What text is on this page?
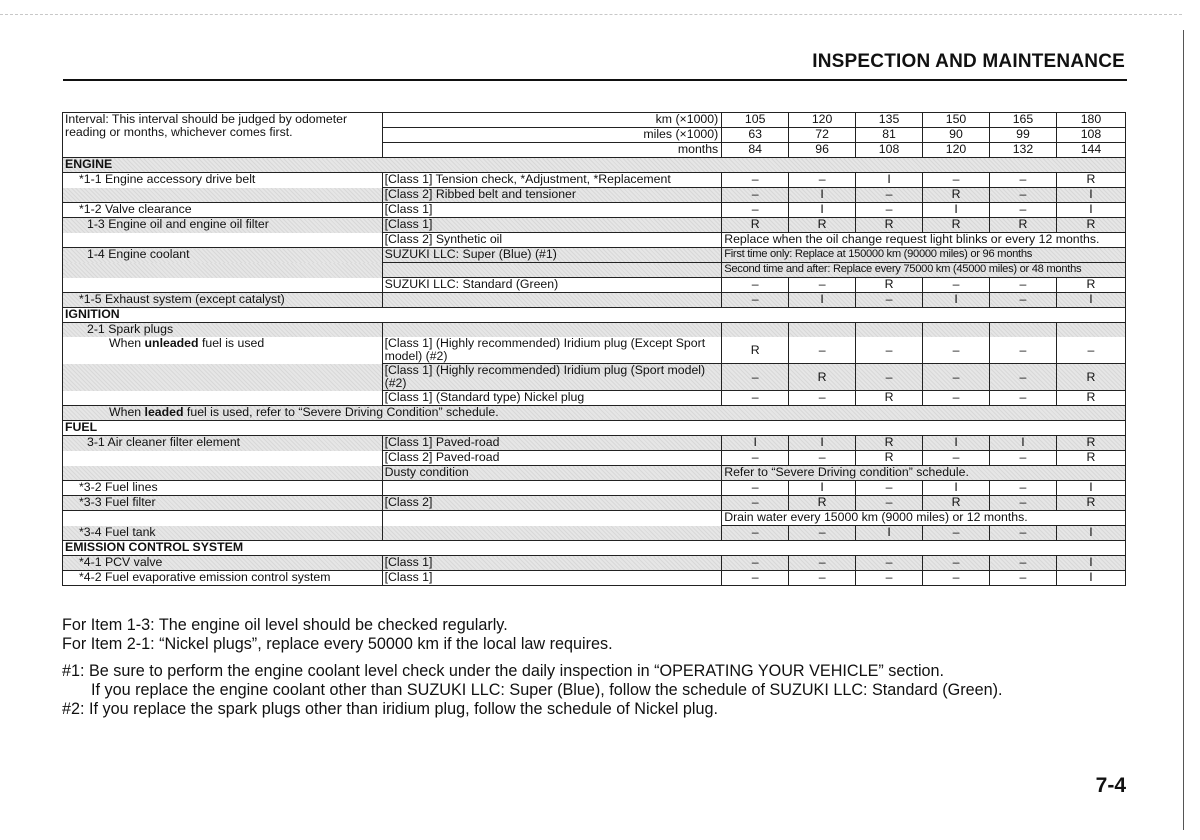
INSPECTION AND MAINTENANCE
Interval: This interval should be judged by odometer reading or months, whichever comes first.	km (×1000)	105	120	135	150	165	180
	miles (×1000)	63	72	81	90	99	108
	months	84	96	108	120	132	144
ENGINE							
*1-1 Engine accessory drive belt	[Class 1] Tension check, *Adjustment, *Replacement	–	–	I	–	–	R
	[Class 2] Ribbed belt and tensioner	–	I	–	R	–	I
*1-2 Valve clearance	[Class 1]	–	I	–	I	–	I
1-3 Engine oil and engine oil filter	[Class 1]	R	R	R	R	R	R
	[Class 2] Synthetic oil	Replace when the oil change request light blinks or every 12 months.					
1-4 Engine coolant	SUZUKI LLC: Super (Blue) (#1)	First time only: Replace at 150000 km (90000 miles) or 96 months					
		Second time and after: Replace every 75000 km (45000 miles) or 48 months					
	SUZUKI LLC: Standard (Green)	–	–	R	–	–	R
*1-5 Exhaust system (except catalyst)		–	I	–	I	–	I
IGNITION							
2-1 Spark plugs							
When unleaded fuel is used	[Class 1] (Highly recommended) Iridium plug (Except Sport model) (#2)	R	–	–	–	–	–
	[Class 1] (Highly recommended) Iridium plug (Sport model) (#2)	–	R	–	–	–	R
	[Class 1] (Standard type) Nickel plug	–	–	R	–	–	R
When leaded fuel is used, refer to “Severe Driving Condition” schedule.							
FUEL							
3-1 Air cleaner filter element	[Class 1] Paved-road	I	I	R	I	I	R
	[Class 2] Paved-road	–	–	R	–	–	R
	Dusty condition	Refer to “Severe Driving condition” schedule.					
*3-2 Fuel lines		–	I	–	I	–	I
*3-3 Fuel filter	[Class 2]	–	R	–	R	–	R
		Drain water every 15000 km (9000 miles) or 12 months.					
*3-4 Fuel tank		–	–	I	–	–	I
EMISSION CONTROL SYSTEM							
*4-1 PCV valve	[Class 1]	–	–	–	–	–	I
*4-2 Fuel evaporative emission control system	[Class 1]	–	–	–	–	–	I

For Item 1-3: The engine oil level should be checked regularly.

For Item 2-1: “Nickel plugs”, replace every 50000 km if the local law requires.

#1: Be sure to perform the engine coolant level check under the daily inspection in “OPERATING YOUR VEHICLE” section.

If you replace the engine coolant other than SUZUKI LLC: Super (Blue), follow the schedule of SUZUKI LLC: Standard (Green).

#2: If you replace the spark plugs other than iridium plug, follow the schedule of Nickel plug.

7-4
